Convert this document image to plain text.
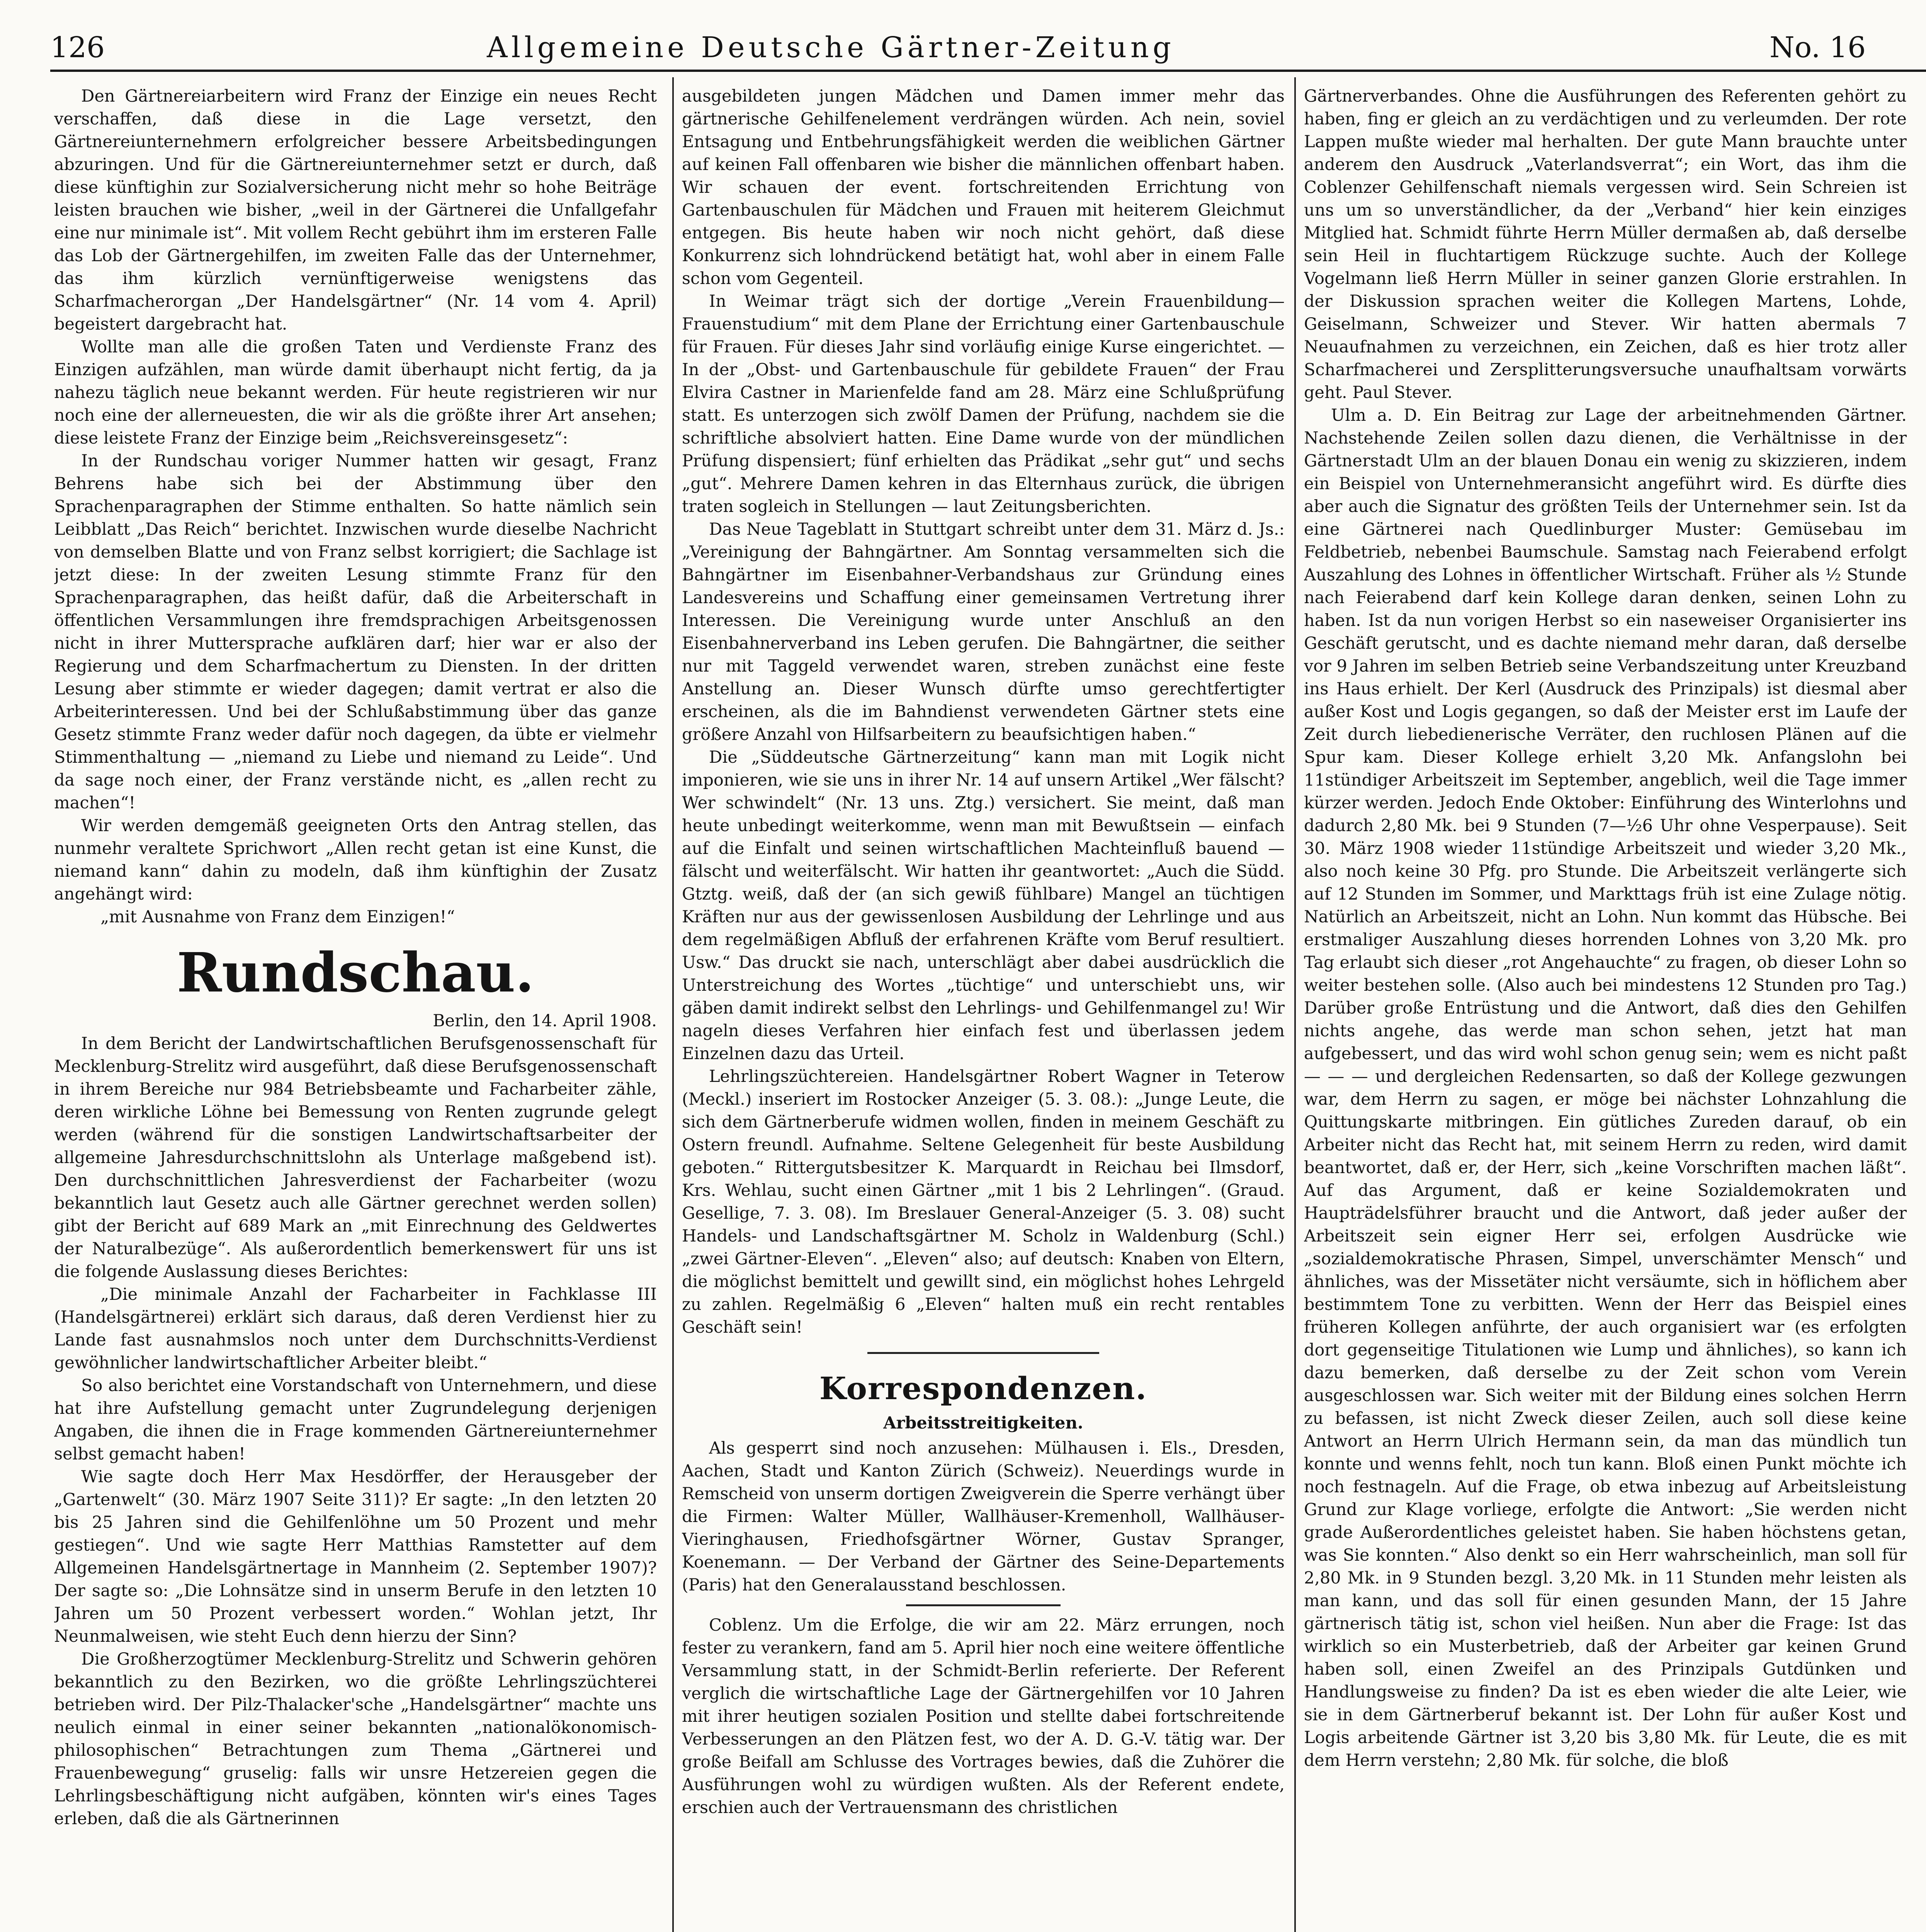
126	Allgemeine Deutsche Gärtner-Zeitung	No. 16

Den Gärtnereiarbeitern wird Franz der Einzige ein neues Recht verschaffen, daß diese in die Lage versetzt, den Gärtnereiunternehmern erfolgreicher bessere Arbeitsbedingungen abzuringen. Und für die Gärtnereiunternehmer setzt er durch, daß diese künftighin zur Sozialversicherung nicht mehr so hohe Beiträge leisten brauchen wie bisher, „weil in der Gärtnerei die Unfallgefahr eine nur minimale ist“. Mit vollem Recht gebührt ihm im ersteren Falle das Lob der Gärtnergehilfen, im zweiten Falle das der Unternehmer, das ihm kürzlich vernünftigerweise wenigstens das Scharfmacherorgan „Der Handelsgärtner“ (Nr. 14 vom 4. April) begeistert dargebracht hat.

Wollte man alle die großen Taten und Verdienste Franz des Einzigen aufzählen, man würde damit überhaupt nicht fertig, da ja nahezu täglich neue bekannt werden. Für heute registrieren wir nur noch eine der allerneuesten, die wir als die größte ihrer Art ansehen; diese leistete Franz der Einzige beim „Reichsvereinsgesetz“:

In der Rundschau voriger Nummer hatten wir gesagt, Franz Behrens habe sich bei der Abstimmung über den Sprachenparagraphen der Stimme enthalten. So hatte nämlich sein Leibblatt „Das Reich“ berichtet. Inzwischen wurde dieselbe Nachricht von demselben Blatte und von Franz selbst korrigiert; die Sachlage ist jetzt diese: In der zweiten Lesung stimmte Franz für den Sprachenparagraphen, das heißt dafür, daß die Arbeiterschaft in öffentlichen Versammlungen ihre fremdsprachigen Arbeitsgenossen nicht in ihrer Muttersprache aufklären darf; hier war er also der Regierung und dem Scharfmachertum zu Diensten. In der dritten Lesung aber stimmte er wieder dagegen; damit vertrat er also die Arbeiterinteressen. Und bei der Schlußabstimmung über das ganze Gesetz stimmte Franz weder dafür noch dagegen, da übte er vielmehr Stimmenthaltung — „niemand zu Liebe und niemand zu Leide“. Und da sage noch einer, der Franz verstände nicht, es „allen recht zu machen“!

Wir werden demgemäß geeigneten Orts den Antrag stellen, das nunmehr veraltete Sprichwort „Allen recht getan ist eine Kunst, die niemand kann“ dahin zu modeln, daß ihm künftighin der Zusatz angehängt wird:

„mit Ausnahme von Franz dem Einzigen!“

Rundschau.

Berlin, den 14. April 1908.

In dem Bericht der Landwirtschaftlichen Berufsgenossenschaft für Mecklenburg-Strelitz wird ausgeführt, daß diese Berufsgenossenschaft in ihrem Bereiche nur 984 Betriebsbeamte und Facharbeiter zähle, deren wirkliche Löhne bei Bemessung von Renten zugrunde gelegt werden (während für die sonstigen Landwirtschaftsarbeiter der allgemeine Jahresdurchschnittslohn als Unterlage maßgebend ist). Den durchschnittlichen Jahresverdienst der Facharbeiter (wozu bekanntlich laut Gesetz auch alle Gärtner gerechnet werden sollen) gibt der Bericht auf 689 Mark an „mit Einrechnung des Geldwertes der Naturalbezüge“. Als außerordentlich bemerkenswert für uns ist die folgende Auslassung dieses Berichtes:

„Die minimale Anzahl der Facharbeiter in Fachklasse III (Handelsgärtnerei) erklärt sich daraus, daß deren Verdienst hier zu Lande fast ausnahmslos noch unter dem Durchschnitts-Verdienst gewöhnlicher landwirtschaftlicher Arbeiter bleibt.“

So also berichtet eine Vorstandschaft von Unternehmern, und diese hat ihre Aufstellung gemacht unter Zugrundelegung derjenigen Angaben, die ihnen die in Frage kommenden Gärtnereiunternehmer selbst gemacht haben!

Wie sagte doch Herr Max Hesdörffer, der Herausgeber der „Gartenwelt“ (30. März 1907 Seite 311)? Er sagte: „In den letzten 20 bis 25 Jahren sind die Gehilfenlöhne um 50 Prozent und mehr gestiegen“. Und wie sagte Herr Matthias Ramstetter auf dem Allgemeinen Handelsgärtnertage in Mannheim (2. September 1907)? Der sagte so: „Die Lohnsätze sind in unserm Berufe in den letzten 10 Jahren um 50 Prozent verbessert worden.“ Wohlan jetzt, Ihr Neunmalweisen, wie steht Euch denn hierzu der Sinn?

Die Großherzogtümer Mecklenburg-Strelitz und Schwerin gehören bekanntlich zu den Bezirken, wo die größte Lehrlingszüchterei betrieben wird. Der Pilz-Thalacker'sche „Handelsgärtner“ machte uns neulich einmal in einer seiner bekannten „nationalökonomisch-philosophischen“ Betrachtungen zum Thema „Gärtnerei und Frauenbewegung“ gruselig: falls wir unsre Hetzereien gegen die Lehrlingsbeschäftigung nicht aufgäben, könnten wir's eines Tages erleben, daß die als Gärtnerinnen

ausgebildeten jungen Mädchen und Damen immer mehr das gärtnerische Gehilfenelement verdrängen würden. Ach nein, soviel Entsagung und Entbehrungsfähigkeit werden die weiblichen Gärtner auf keinen Fall offenbaren wie bisher die männlichen offenbart haben. Wir schauen der event. fortschreitenden Errichtung von Gartenbauschulen für Mädchen und Frauen mit heiterem Gleichmut entgegen. Bis heute haben wir noch nicht gehört, daß diese Konkurrenz sich lohndrückend betätigt hat, wohl aber in einem Falle schon vom Gegenteil.

In Weimar trägt sich der dortige „Verein Frauenbildung—Frauenstudium“ mit dem Plane der Errichtung einer Gartenbauschule für Frauen. Für dieses Jahr sind vorläufig einige Kurse eingerichtet. — In der „Obst- und Gartenbauschule für gebildete Frauen“ der Frau Elvira Castner in Marienfelde fand am 28. März eine Schlußprüfung statt. Es unterzogen sich zwölf Damen der Prüfung, nachdem sie die schriftliche absolviert hatten. Eine Dame wurde von der mündlichen Prüfung dispensiert; fünf erhielten das Prädikat „sehr gut“ und sechs „gut“. Mehrere Damen kehren in das Elternhaus zurück, die übrigen traten sogleich in Stellungen — laut Zeitungsberichten.

Das Neue Tageblatt in Stuttgart schreibt unter dem 31. März d. Js.: „Vereinigung der Bahngärtner. Am Sonntag versammelten sich die Bahngärtner im Eisenbahner-Verbandshaus zur Gründung eines Landesvereins und Schaffung einer gemeinsamen Vertretung ihrer Interessen. Die Vereinigung wurde unter Anschluß an den Eisenbahnerverband ins Leben gerufen. Die Bahngärtner, die seither nur mit Taggeld verwendet waren, streben zunächst eine feste Anstellung an. Dieser Wunsch dürfte umso gerechtfertigter erscheinen, als die im Bahndienst verwendeten Gärtner stets eine größere Anzahl von Hilfsarbeitern zu beaufsichtigen haben.“

Die „Süddeutsche Gärtnerzeitung“ kann man mit Logik nicht imponieren, wie sie uns in ihrer Nr. 14 auf unsern Artikel „Wer fälscht? Wer schwindelt“ (Nr. 13 uns. Ztg.) versichert. Sie meint, daß man heute unbedingt weiterkomme, wenn man mit Bewußtsein — einfach auf die Einfalt und seinen wirtschaftlichen Machteinfluß bauend — fälscht und weiterfälscht. Wir hatten ihr geantwortet: „Auch die Südd. Gtztg. weiß, daß der (an sich gewiß fühlbare) Mangel an tüchtigen Kräften nur aus der gewissenlosen Ausbildung der Lehrlinge und aus dem regelmäßigen Abfluß der erfahrenen Kräfte vom Beruf resultiert. Usw.“ Das druckt sie nach, unterschlägt aber dabei ausdrücklich die Unterstreichung des Wortes „tüchtige“ und unterschiebt uns, wir gäben damit indirekt selbst den Lehrlings- und Gehilfenmangel zu! Wir nageln dieses Verfahren hier einfach fest und überlassen jedem Einzelnen dazu das Urteil.

Lehrlingszüchtereien. Handelsgärtner Robert Wagner in Teterow (Meckl.) inseriert im Rostocker Anzeiger (5. 3. 08.): „Junge Leute, die sich dem Gärtnerberufe widmen wollen, finden in meinem Geschäft zu Ostern freundl. Aufnahme. Seltene Gelegenheit für beste Ausbildung geboten.“ Rittergutsbesitzer K. Marquardt in Reichau bei Ilmsdorf, Krs. Wehlau, sucht einen Gärtner „mit 1 bis 2 Lehrlingen“. (Graud. Gesellige, 7. 3. 08). Im Breslauer General-Anzeiger (5. 3. 08) sucht Handels- und Landschaftsgärtner M. Scholz in Waldenburg (Schl.) „zwei Gärtner-Eleven“. „Eleven“ also; auf deutsch: Knaben von Eltern, die möglichst bemittelt und gewillt sind, ein möglichst hohes Lehrgeld zu zahlen. Regelmäßig 6 „Eleven“ halten muß ein recht rentables Geschäft sein!

Korrespondenzen.
Arbeitsstreitigkeiten.

Als gesperrt sind noch anzusehen: Mülhausen i. Els., Dresden, Aachen, Stadt und Kanton Zürich (Schweiz). Neuerdings wurde in Remscheid von unserm dortigen Zweigverein die Sperre verhängt über die Firmen: Walter Müller, Wallhäuser-Kremenholl, Wallhäuser-Vieringhausen, Friedhofsgärtner Wörner, Gustav Spranger, Koenemann. — Der Verband der Gärtner des Seine-Departements (Paris) hat den Generalausstand beschlossen.

Coblenz. Um die Erfolge, die wir am 22. März errungen, noch fester zu verankern, fand am 5. April hier noch eine weitere öffentliche Versammlung statt, in der Schmidt-Berlin referierte. Der Referent verglich die wirtschaftliche Lage der Gärtnergehilfen vor 10 Jahren mit ihrer heutigen sozialen Position und stellte dabei fortschreitende Verbesserungen an den Plätzen fest, wo der A. D. G.-V. tätig war. Der große Beifall am Schlusse des Vortrages bewies, daß die Zuhörer die Ausführungen wohl zu würdigen wußten. Als der Referent endete, erschien auch der Vertrauensmann des christlichen

Gärtnerverbandes. Ohne die Ausführungen des Referenten gehört zu haben, fing er gleich an zu verdächtigen und zu verleumden. Der rote Lappen mußte wieder mal herhalten. Der gute Mann brauchte unter anderem den Ausdruck „Vaterlandsverrat“; ein Wort, das ihm die Coblenzer Gehilfenschaft niemals vergessen wird. Sein Schreien ist uns um so unverständlicher, da der „Verband“ hier kein einziges Mitglied hat. Schmidt führte Herrn Müller dermaßen ab, daß derselbe sein Heil in fluchtartigem Rückzuge suchte. Auch der Kollege Vogelmann ließ Herrn Müller in seiner ganzen Glorie erstrahlen. In der Diskussion sprachen weiter die Kollegen Martens, Lohde, Geiselmann, Schweizer und Stever. Wir hatten abermals 7 Neuaufnahmen zu verzeichnen, ein Zeichen, daß es hier trotz aller Scharfmacherei und Zersplitterungsversuche unaufhaltsam vorwärts geht. Paul Stever.

Ulm a. D. Ein Beitrag zur Lage der arbeitnehmenden Gärtner. Nachstehende Zeilen sollen dazu dienen, die Verhältnisse in der Gärtnerstadt Ulm an der blauen Donau ein wenig zu skizzieren, indem ein Beispiel von Unternehmeransicht angeführt wird. Es dürfte dies aber auch die Signatur des größten Teils der Unternehmer sein. Ist da eine Gärtnerei nach Quedlinburger Muster: Gemüsebau im Feldbetrieb, nebenbei Baumschule. Samstag nach Feierabend erfolgt Auszahlung des Lohnes in öffentlicher Wirtschaft. Früher als ½ Stunde nach Feierabend darf kein Kollege daran denken, seinen Lohn zu haben. Ist da nun vorigen Herbst so ein naseweiser Organisierter ins Geschäft gerutscht, und es dachte niemand mehr daran, daß derselbe vor 9 Jahren im selben Betrieb seine Verbandszeitung unter Kreuzband ins Haus erhielt. Der Kerl (Ausdruck des Prinzipals) ist diesmal aber außer Kost und Logis gegangen, so daß der Meister erst im Laufe der Zeit durch liebedienerische Verräter, den ruchlosen Plänen auf die Spur kam. Dieser Kollege erhielt 3,20 Mk. Anfangslohn bei 11stündiger Arbeitszeit im September, angeblich, weil die Tage immer kürzer werden. Jedoch Ende Oktober: Einführung des Winterlohns und dadurch 2,80 Mk. bei 9 Stunden (7—½6 Uhr ohne Vesperpause). Seit 30. März 1908 wieder 11stündige Arbeitszeit und wieder 3,20 Mk., also noch keine 30 Pfg. pro Stunde. Die Arbeitszeit verlängerte sich auf 12 Stunden im Sommer, und Markttags früh ist eine Zulage nötig. Natürlich an Arbeitszeit, nicht an Lohn. Nun kommt das Hübsche. Bei erstmaliger Auszahlung dieses horrenden Lohnes von 3,20 Mk. pro Tag erlaubt sich dieser „rot Angehauchte“ zu fragen, ob dieser Lohn so weiter bestehen solle. (Also auch bei mindestens 12 Stunden pro Tag.) Darüber große Entrüstung und die Antwort, daß dies den Gehilfen nichts angehe, das werde man schon sehen, jetzt hat man aufgebessert, und das wird wohl schon genug sein; wem es nicht paßt — — — und dergleichen Redensarten, so daß der Kollege gezwungen war, dem Herrn zu sagen, er möge bei nächster Lohnzahlung die Quittungskarte mitbringen. Ein gütliches Zureden darauf, ob ein Arbeiter nicht das Recht hat, mit seinem Herrn zu reden, wird damit beantwortet, daß er, der Herr, sich „keine Vorschriften machen läßt“. Auf das Argument, daß er keine Sozialdemokraten und Haupträdelsführer braucht und die Antwort, daß jeder außer der Arbeitszeit sein eigner Herr sei, erfolgen Ausdrücke wie „sozialdemokratische Phrasen, Simpel, unverschämter Mensch“ und ähnliches, was der Missetäter nicht versäumte, sich in höflichem aber bestimmtem Tone zu verbitten. Wenn der Herr das Beispiel eines früheren Kollegen anführte, der auch organisiert war (es erfolgten dort gegenseitige Titulationen wie Lump und ähnliches), so kann ich dazu bemerken, daß derselbe zu der Zeit schon vom Verein ausgeschlossen war. Sich weiter mit der Bildung eines solchen Herrn zu befassen, ist nicht Zweck dieser Zeilen, auch soll diese keine Antwort an Herrn Ulrich Hermann sein, da man das mündlich tun konnte und wenns fehlt, noch tun kann. Bloß einen Punkt möchte ich noch festnageln. Auf die Frage, ob etwa inbezug auf Arbeitsleistung Grund zur Klage vorliege, erfolgte die Antwort: „Sie werden nicht grade Außerordentliches geleistet haben. Sie haben höchstens getan, was Sie konnten.“ Also denkt so ein Herr wahrscheinlich, man soll für 2,80 Mk. in 9 Stunden bezgl. 3,20 Mk. in 11 Stunden mehr leisten als man kann, und das soll für einen gesunden Mann, der 15 Jahre gärtnerisch tätig ist, schon viel heißen. Nun aber die Frage: Ist das wirklich so ein Musterbetrieb, daß der Arbeiter gar keinen Grund haben soll, einen Zweifel an des Prinzipals Gutdünken und Handlungsweise zu finden? Da ist es eben wieder die alte Leier, wie sie in dem Gärtnerberuf bekannt ist. Der Lohn für außer Kost und Logis arbeitende Gärtner ist 3,20 bis 3,80 Mk. für Leute, die es mit dem Herrn verstehn; 2,80 Mk. für solche, die bloß
